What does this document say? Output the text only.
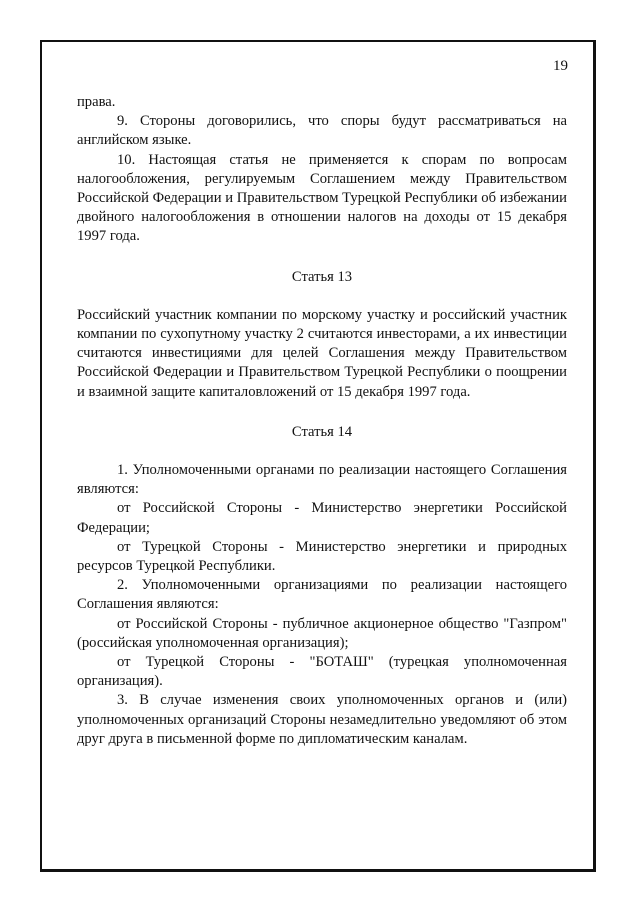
19

права.

9. Стороны договорились, что споры будут рассматриваться на английском языке.

10. Настоящая статья не применяется к спорам по вопросам налогообложения, регулируемым Соглашением между Правительством Российской Федерации и Правительством Турецкой Республики об избежании двойного налогообложения в отношении налогов на доходы от 15 декабря 1997 года.

Статья 13

Российский участник компании по морскому участку и российский участник компании по сухопутному участку 2 считаются инвесторами, а их инвестиции считаются инвестициями для целей Соглашения между Правительством Российской Федерации и Правительством Турецкой Республики о поощрении и взаимной защите капиталовложений от 15 декабря 1997 года.

Статья 14

1. Уполномоченными органами по реализации настоящего Соглашения являются:

от Российской Стороны - Министерство энергетики Российской Федерации;

от Турецкой Стороны - Министерство энергетики и природных ресурсов Турецкой Республики.

2. Уполномоченными организациями по реализации настоящего Соглашения являются:

от Российской Стороны - публичное акционерное общество "Газпром" (российская уполномоченная организация);

от Турецкой Стороны - "БОТАШ" (турецкая уполномоченная организация).

3. В случае изменения своих уполномоченных органов и (или) уполномоченных организаций Стороны незамедлительно уведомляют об этом друг друга в письменной форме по дипломатическим каналам.
